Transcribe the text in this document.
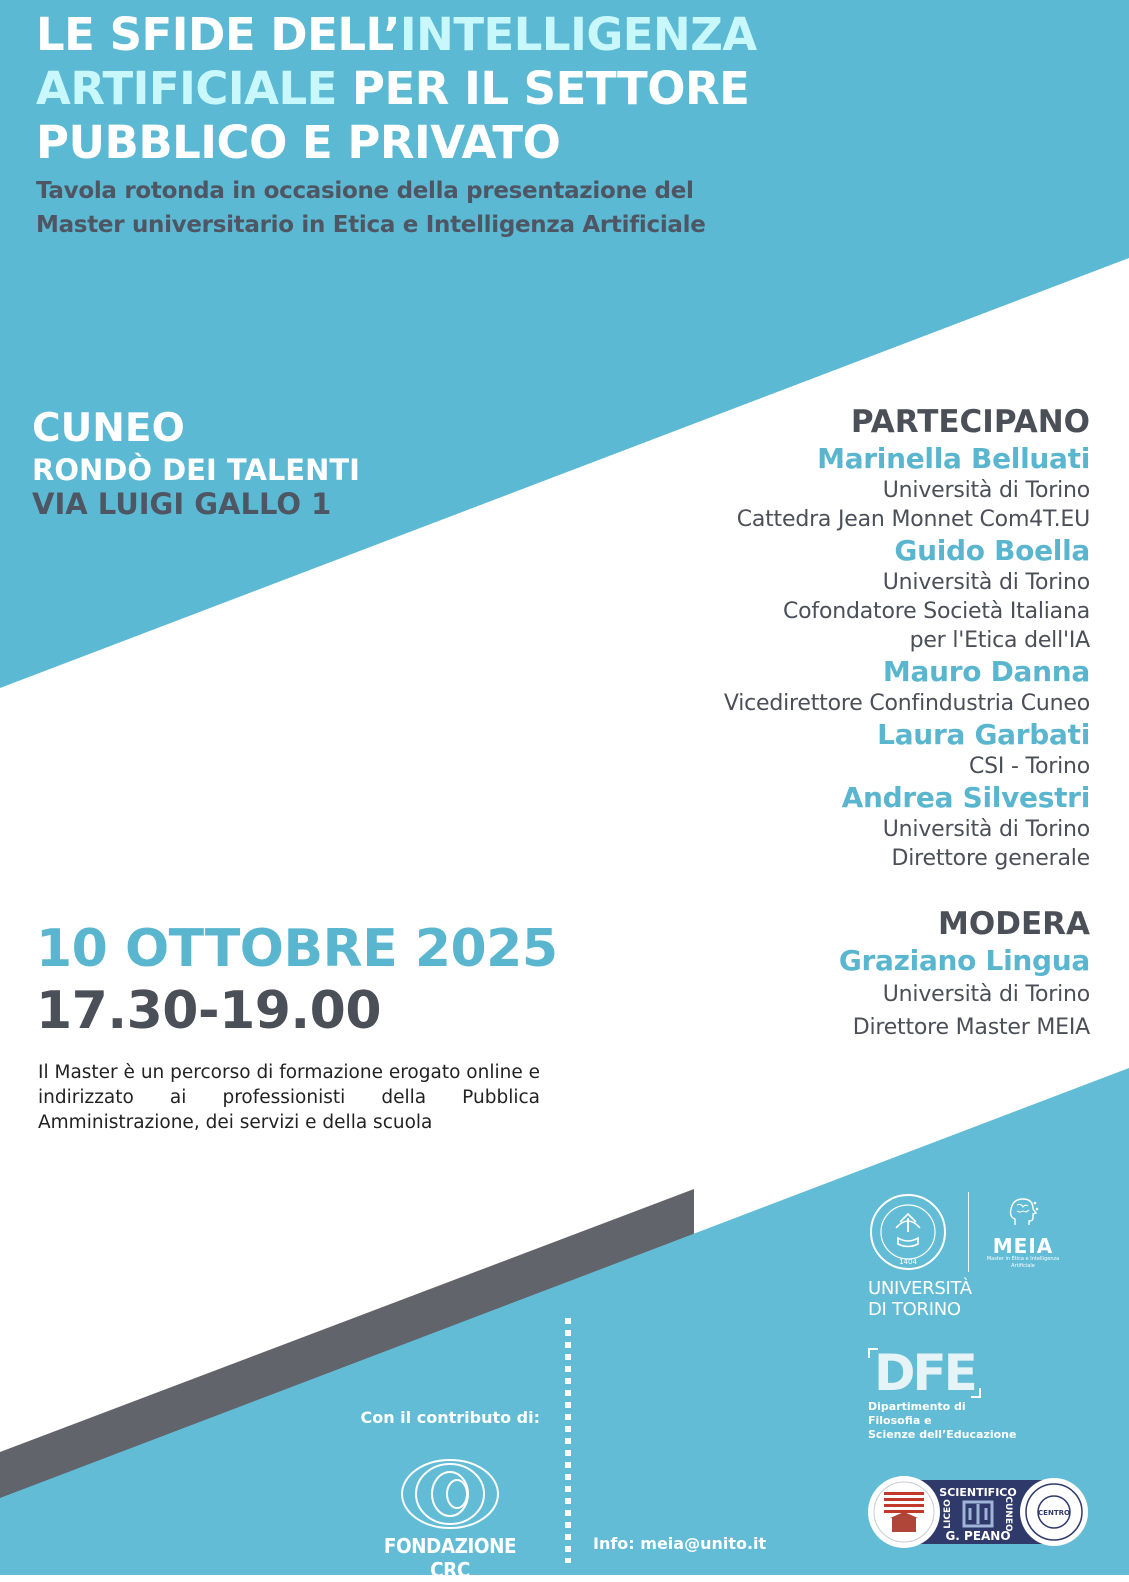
LE SFIDE DELL’INTELLIGENZA
ARTIFICIALE PER IL SETTORE
PUBBLICO E PRIVATO
Tavola rotonda in occasione della presentazione del
Master universitario in Etica e Intelligenza Artificiale
CUNEO
RONDÒ DEI TALENTI
VIA LUIGI GALLO 1
PARTECIPANO
Marinella Belluati
Università di Torino
Cattedra Jean Monnet Com4T.EU
Guido Boella
Università di Torino
Cofondatore Società Italiana
per l'Etica dell'IA
Mauro Danna
Vicedirettore Confindustria Cuneo
Laura Garbati
CSI - Torino
Andrea Silvestri
Università di Torino
Direttore generale
MODERA
Graziano Lingua
Università di Torino
Direttore Master MEIA
10 OTTOBRE 2025
17.30-19.00
Il Master è un percorso di formazione erogato online e indirizzato ai professionisti della Pubblica Amministrazione, dei servizi e della scuola
1404
MEIA
Master in Etica e Intelligenza Artificiale
UNIVERSITÀ
DI TORINO
DFE
Dipartimento di
Filosofia e
Scienze dell’Educazione
SCIENTIFICO
LICEO	CUNEO
G. PEANO
CENTRO
Con il contributo di:
FONDAZIONE CRC
Info: meia@unito.it
